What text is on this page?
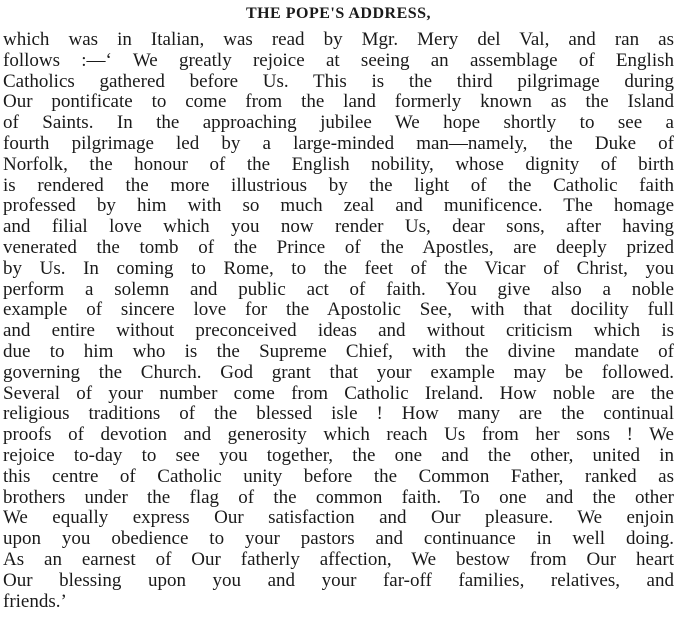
THE POPE'S ADDRESS,
which was in Italian, was read by Mgr. Mery del Val, and ran as
follows :—‘ We greatly rejoice at seeing an assemblage of English
Catholics gathered before Us. This is the third pilgrimage during
Our pontificate to come from the land formerly known as the Island
of Saints. In the approaching jubilee We hope shortly to see a
fourth pilgrimage led by a large-minded man—namely, the Duke of
Norfolk, the honour of the English nobility, whose dignity of birth
is rendered the more illustrious by the light of the Catholic faith
professed by him with so much zeal and munificence. The homage
and filial love which you now render Us, dear sons, after having
venerated the tomb of the Prince of the Apostles, are deeply prized
by Us. In coming to Rome, to the feet of the Vicar of Christ, you
perform a solemn and public act of faith. You give also a noble
example of sincere love for the Apostolic See, with that docility full
and entire without preconceived ideas and without criticism which is
due to him who is the Supreme Chief, with the divine mandate of
governing the Church. God grant that your example may be followed.
Several of your number come from Catholic Ireland. How noble are the
religious traditions of the blessed isle ! How many are the continual
proofs of devotion and generosity which reach Us from her sons ! We
rejoice to-day to see you together, the one and the other, united in
this centre of Catholic unity before the Common Father, ranked as
brothers under the flag of the common faith. To one and the other
We equally express Our satisfaction and Our pleasure. We enjoin
upon you obedience to your pastors and continuance in well doing.
As an earnest of Our fatherly affection, We bestow from Our heart
Our blessing upon you and your far-off families, relatives, and
friends.’
